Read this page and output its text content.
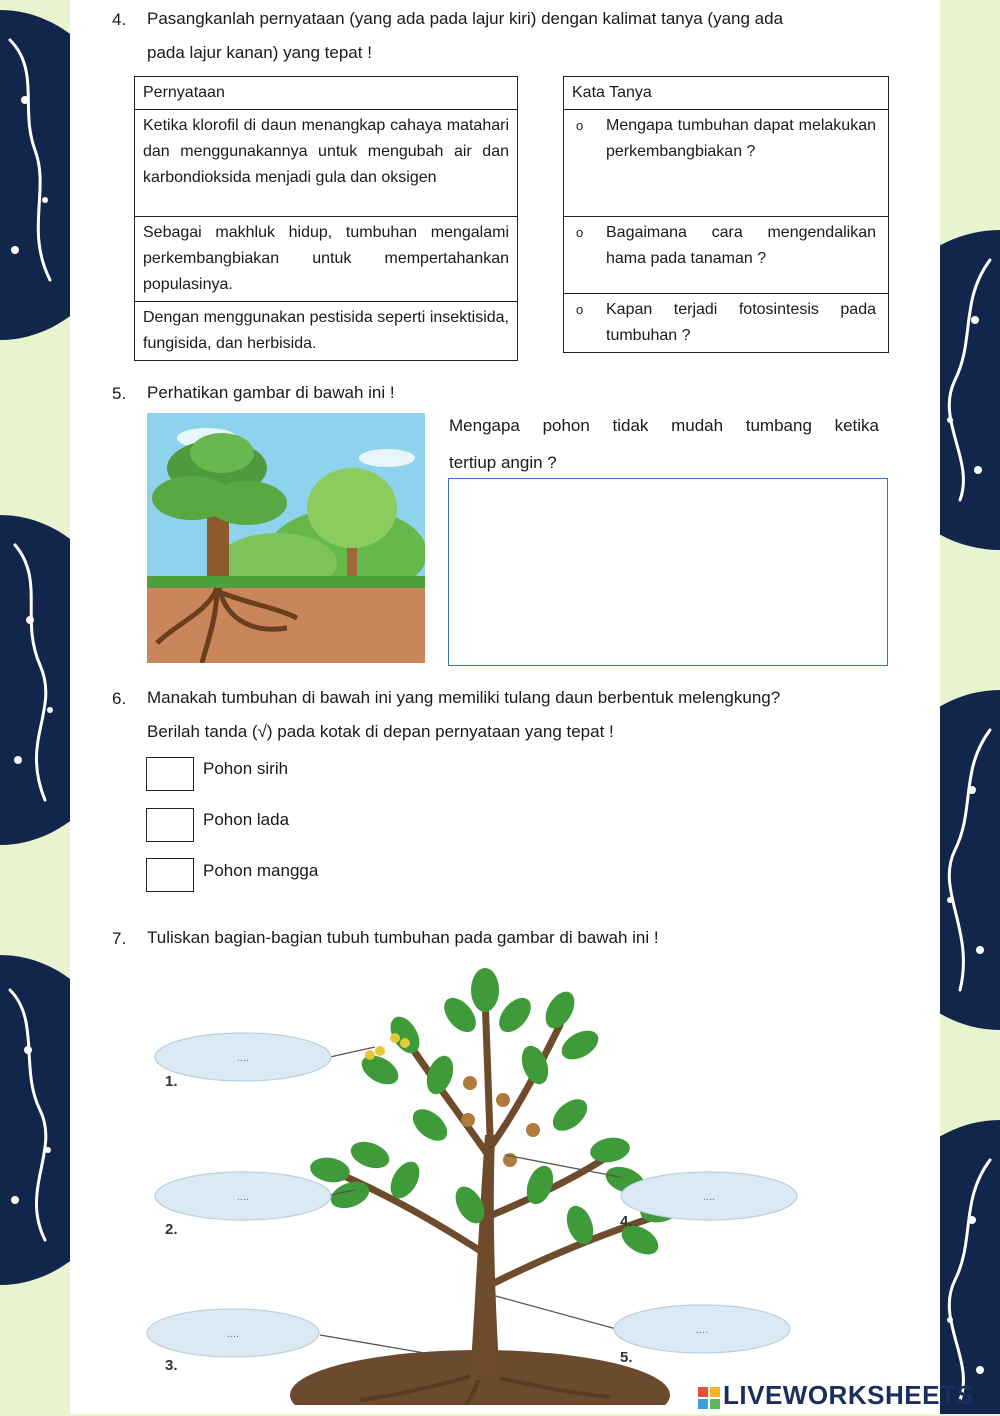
4. Pasangkanlah pernyataan (yang ada pada lajur kiri) dengan kalimat tanya (yang ada
pada lajur kanan) yang tepat !
Pernyataan
Ketika klorofil di daun menangkap cahaya matahari dan menggunakannya untuk mengubah air dan karbondioksida menjadi gula dan oksigen
Sebagai makhluk hidup, tumbuhan mengalami perkembangbiakan untuk mempertahankan populasinya.
Dengan menggunakan pestisida seperti insektisida, fungisida, dan herbisida.
Kata Tanya
o Mengapa tumbuhan dapat melakukan perkembangbiakan ?
o Bagaimana cara mengendalikan hama pada tanaman ?
o Kapan terjadi fotosintesis pada tumbuhan ?
5. Perhatikan gambar di bawah ini !
Mengapa pohon tidak mudah tumbang ketika
tertiup angin ?
6. Manakah tumbuhan di bawah ini yang memiliki tulang daun berbentuk melengkung?
Berilah tanda (√) pada kotak di depan pernyataan yang tepat !
Pohon sirih
Pohon lada
Pohon mangga
7. Tuliskan bagian-bagian tubuh tumbuhan pada gambar di bawah ini !
....
....
....
....
....
1.
2.
3.
4.
5.
LIVEWORKSHEETS
